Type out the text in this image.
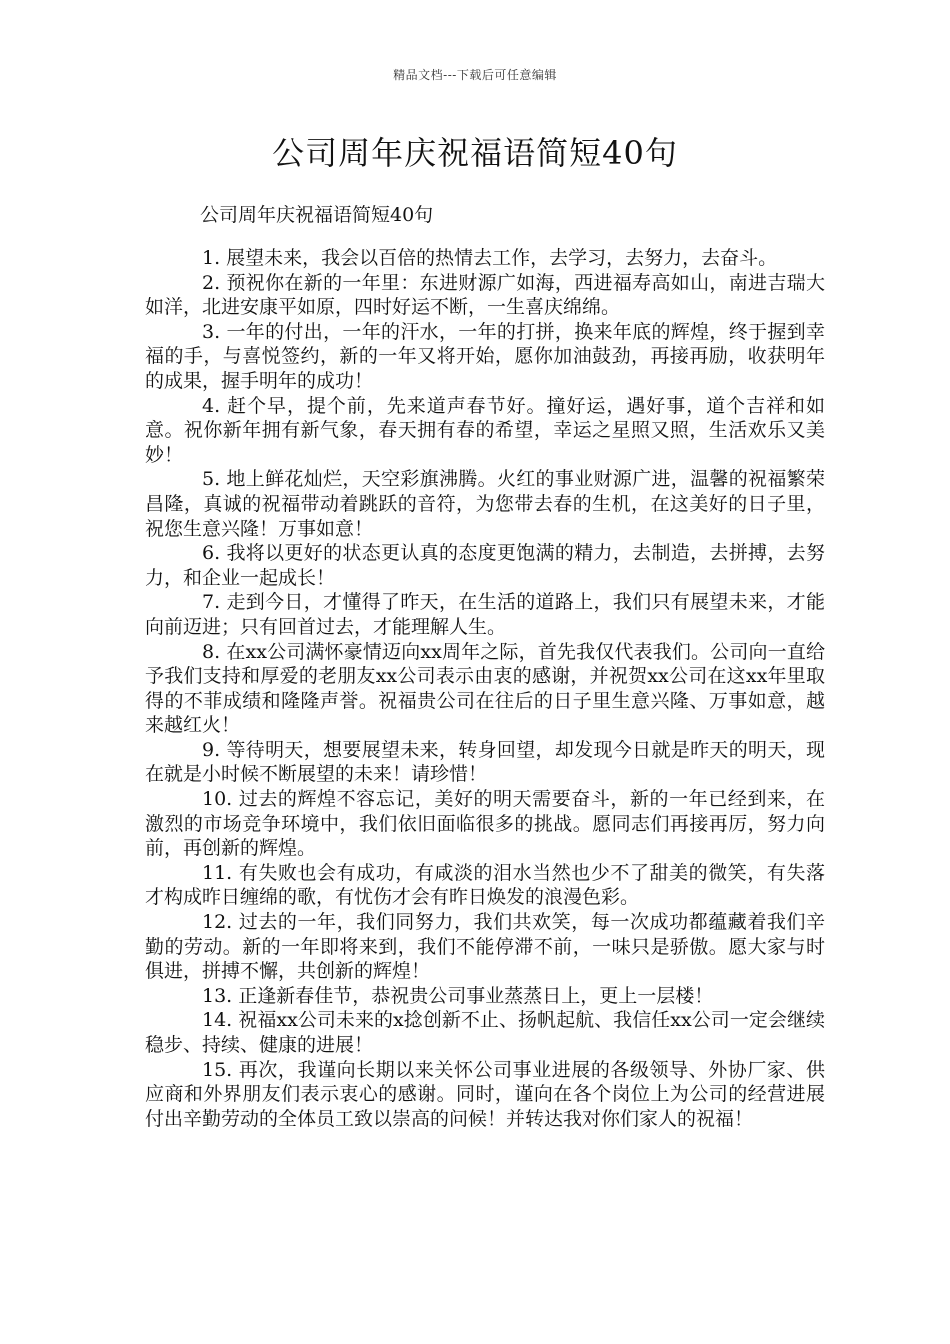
精品文档---下载后可任意编辑
公司周年庆祝福语简短40句

公司周年庆祝福语简短40句

1. 展望未来，我会以百倍的热情去工作，去学习，去努力，去奋斗。

2. 预祝你在新的一年里：东进财源广如海，西进福寿高如山，南进吉瑞大如洋，北进安康平如原，四时好运不断，一生喜庆绵绵。

3. 一年的付出，一年的汗水，一年的打拼，换来年底的辉煌，终于握到幸福的手，与喜悦签约，新的一年又将开始，愿你加油鼓劲，再接再励，收获明年的成果，握手明年的成功！

4. 赶个早，提个前，先来道声春节好。撞好运，遇好事，道个吉祥和如意。祝你新年拥有新气象，春天拥有春的希望，幸运之星照又照，生活欢乐又美妙！

5. 地上鲜花灿烂，天空彩旗沸腾。火红的事业财源广进，温馨的祝福繁荣昌隆，真诚的祝福带动着跳跃的音符，为您带去春的生机，在这美好的日子里，祝您生意兴隆！万事如意！

6. 我将以更好的状态更认真的态度更饱满的精力，去制造，去拼搏，去努力，和企业一起成长！

7. 走到今日，才懂得了昨天，在生活的道路上，我们只有展望未来，才能向前迈进；只有回首过去，才能理解人生。

8. 在xx公司满怀豪情迈向xx周年之际，首先我仅代表我们。公司向一直给予我们支持和厚爱的老朋友xx公司表示由衷的感谢，并祝贺xx公司在这xx年里取得的不菲成绩和隆隆声誉。祝福贵公司在往后的日子里生意兴隆、万事如意，越来越红火！

9. 等待明天，想要展望未来，转身回望，却发现今日就是昨天的明天，现在就是小时候不断展望的未来！请珍惜！

10. 过去的辉煌不容忘记，美好的明天需要奋斗，新的一年已经到来，在激烈的市场竞争环境中，我们依旧面临很多的挑战。愿同志们再接再厉，努力向前，再创新的辉煌。

11. 有失败也会有成功，有咸淡的泪水当然也少不了甜美的微笑，有失落才构成昨日缠绵的歌，有忧伤才会有昨日焕发的浪漫色彩。

12. 过去的一年，我们同努力，我们共欢笑，每一次成功都蕴藏着我们辛勤的劳动。新的一年即将来到，我们不能停滞不前，一味只是骄傲。愿大家与时俱进，拼搏不懈，共创新的辉煌！

13. 正逢新春佳节，恭祝贵公司事业蒸蒸日上，更上一层楼！

14. 祝福xx公司未来的x捻创新不止、扬帆起航、我信任xx公司一定会继续稳步、持续、健康的进展！

15. 再次，我谨向长期以来关怀公司事业进展的各级领导、外协厂家、供应商和外界朋友们表示衷心的感谢。同时，谨向在各个岗位上为公司的经营进展付出辛勤劳动的全体员工致以崇高的问候！并转达我对你们家人的祝福！
